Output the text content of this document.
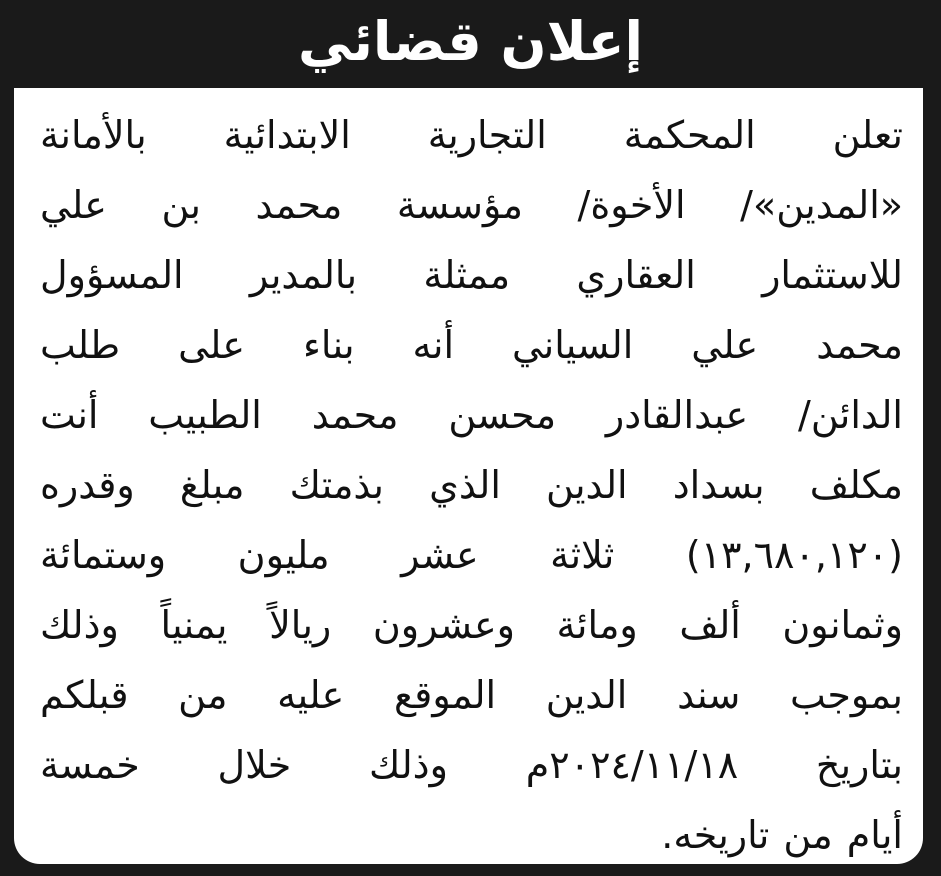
إعلان قضائي
تعلن المحكمة التجارية الابتدائية بالأمانة
«المدين»/ الأخوة/ مؤسسة محمد بن علي
للاستثمار العقاري ممثلة بالمدير المسؤول
محمد علي السياني أنه بناء على طلب
الدائن/ عبدالقادر محسن محمد الطبيب أنت
مكلف بسداد الدين الذي بذمتك مبلغ وقدره
(١٣,٦٨٠,١٢٠) ثلاثة عشر مليون وستمائة
وثمانون ألف ومائة وعشرون ريالاً يمنياً وذلك
بموجب سند الدين الموقع عليه من قبلكم
بتاريخ ٢٠٢٤/١١/١٨م وذلك خلال خمسة
أيام من تاريخه.
